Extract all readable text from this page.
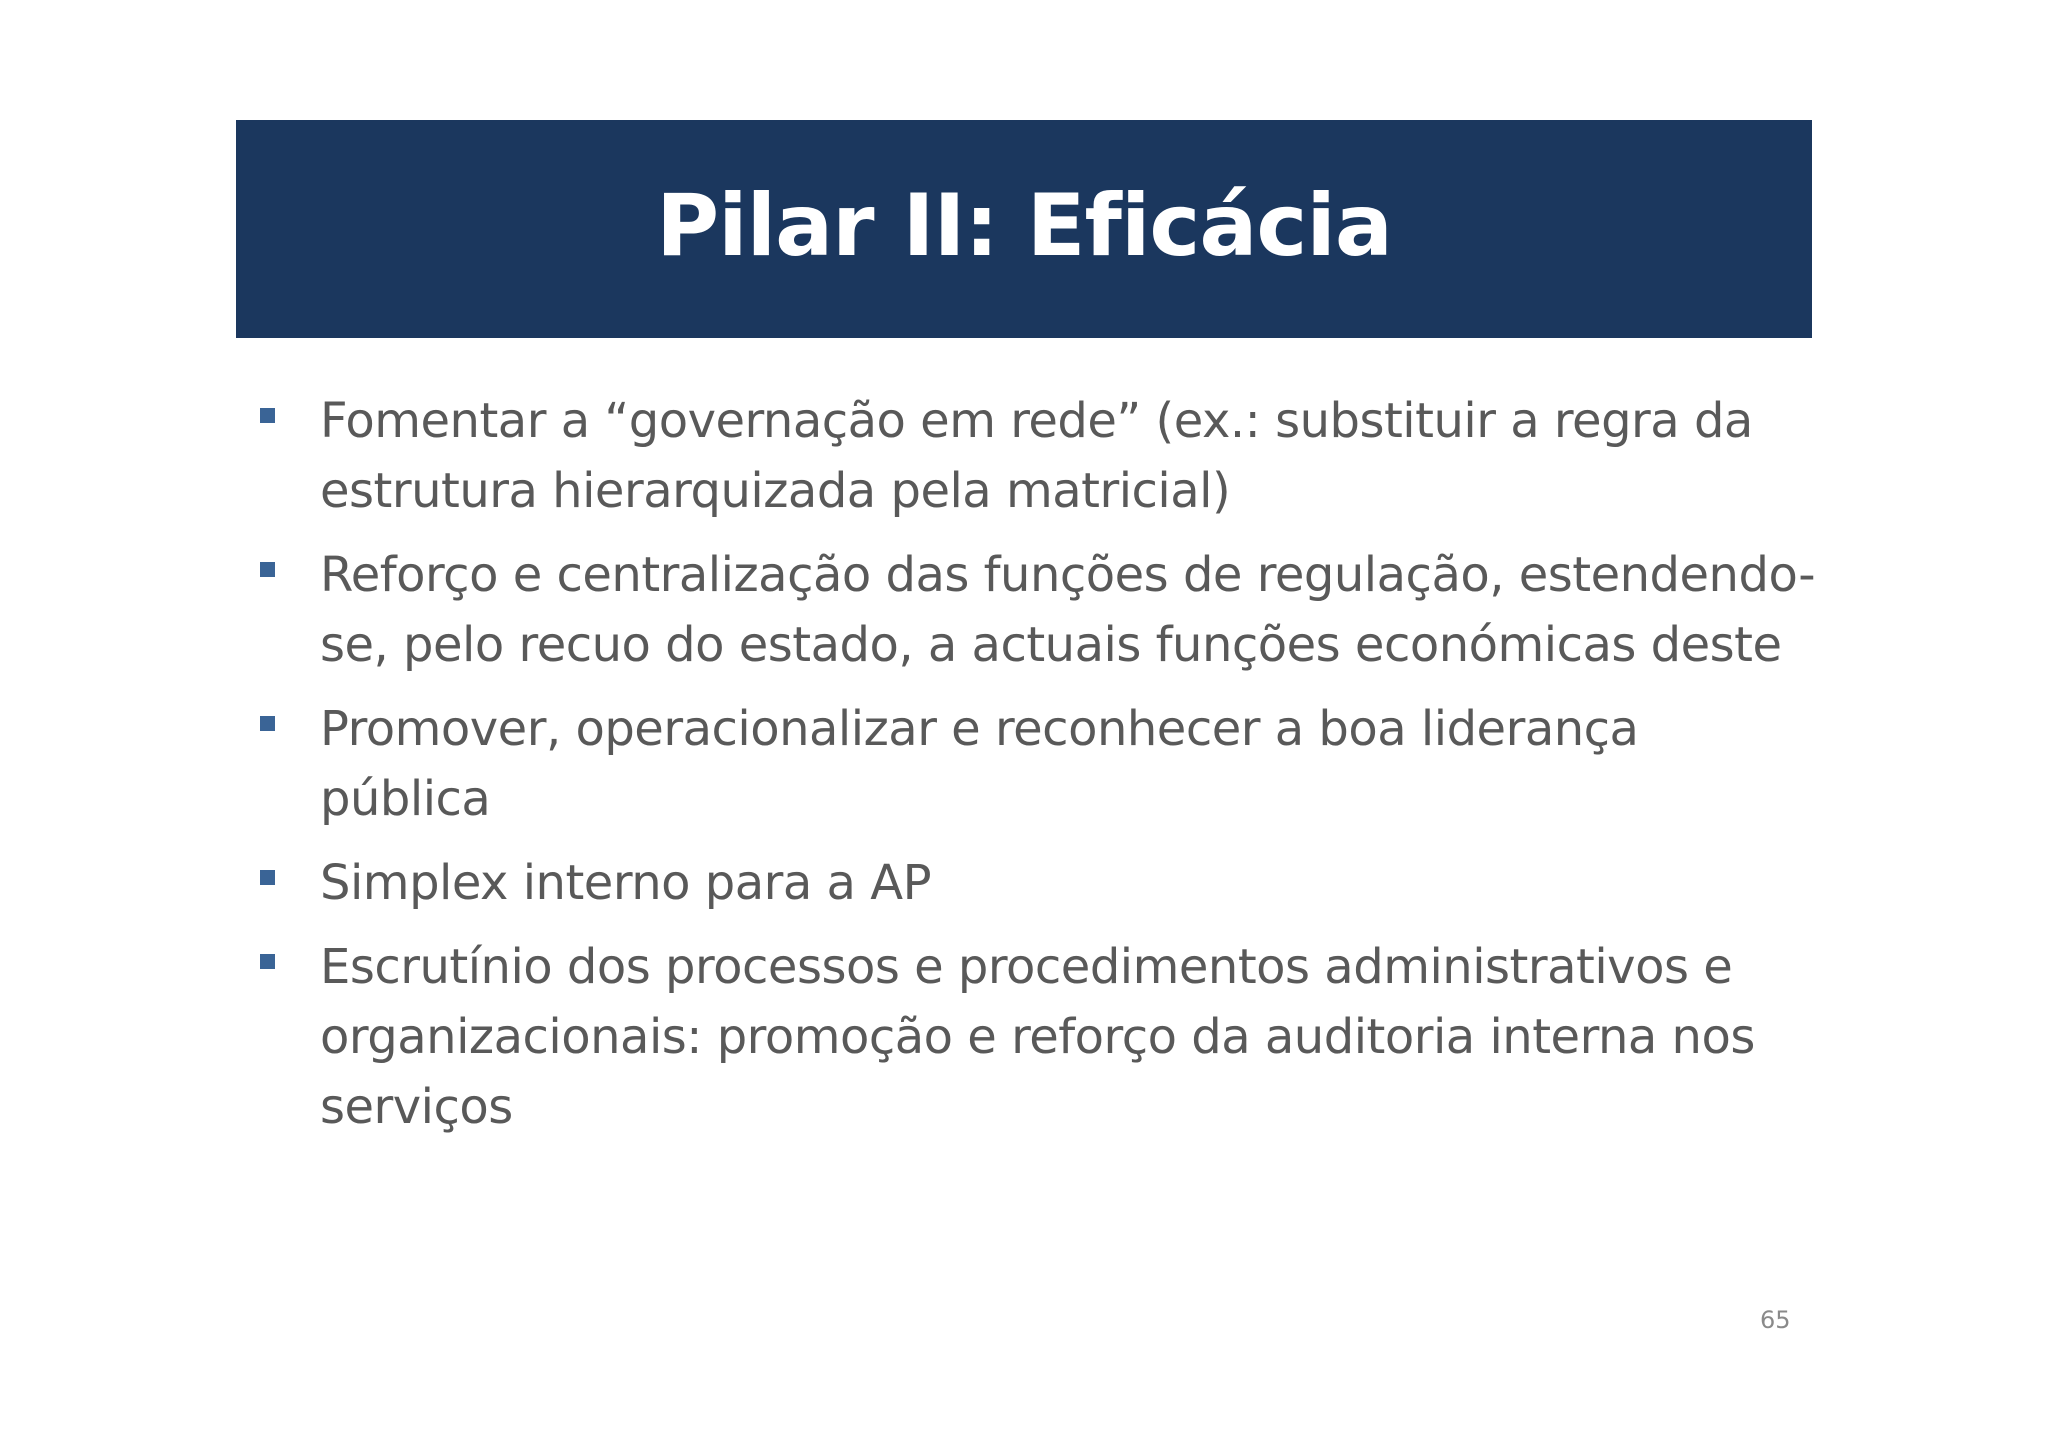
Pilar II: Eficácia
Fomentar a “governação em rede” (ex.: substituir a regra da estrutura hierarquizada pela matricial)
Reforço e centralização das funções de regulação, estendendo-se, pelo recuo do estado, a actuais funções económicas deste
Promover, operacionalizar e reconhecer a boa liderança pública
Simplex interno para a AP
Escrutínio dos processos e procedimentos administrativos e organizacionais: promoção e reforço da auditoria interna nos serviços
65
